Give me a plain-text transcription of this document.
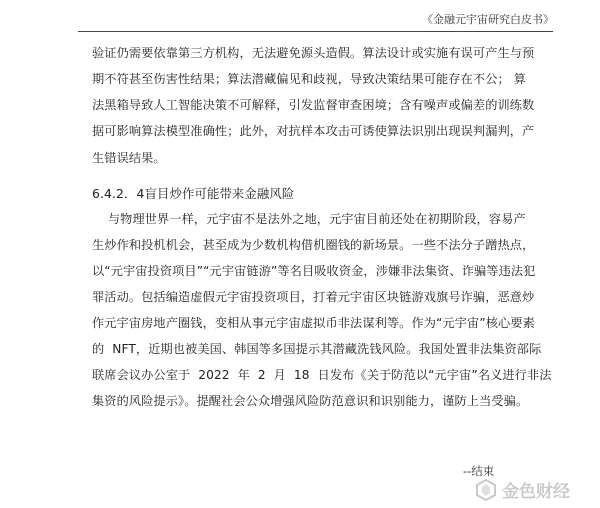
《金融元宇宙研究白皮书》
验证仍需要依靠第三方机构，无法避免源头造假。算法设计或实施有误可产生与预
期不符甚至伤害性结果；算法潜藏偏见和歧视，导致决策结果可能存在不公； 算
法黑箱导致人工智能决策不可解释，引发监督审查困境；含有噪声或偏差的训练数
据可影响算法模型准确性；此外，对抗样本攻击可诱使算法识别出现误判漏判，产
生错误结果。
6.4.2．4盲目炒作可能带来金融风险
与物理世界一样，元宇宙不是法外之地，元宇宙目前还处在初期阶段，容易产
生炒作和投机机会，甚至成为少数机构借机圈钱的新场景。一些不法分子蹭热点，
以“元宇宙投资项目”“元宇宙链游”等名目吸收资金，涉嫌非法集资、诈骗等违法犯
罪活动。包括编造虚假元宇宙投资项目，打着元宇宙区块链游戏旗号诈骗，恶意炒
作元宇宙房地产圈钱，变相从事元宇宙虚拟币非法谋利等。作为“元宇宙”核心要素
的  NFT，近期也被美国、韩国等多国提示其潜藏洗钱风险。我国处置非法集资部际
联席会议办公室于  2022  年  2  月  18  日发布《关于防范以“元宇宙”名义进行非法
集资的风险提示》。提醒社会公众增强风险防范意识和识别能力，谨防上当受骗。
--结束
金色财经
